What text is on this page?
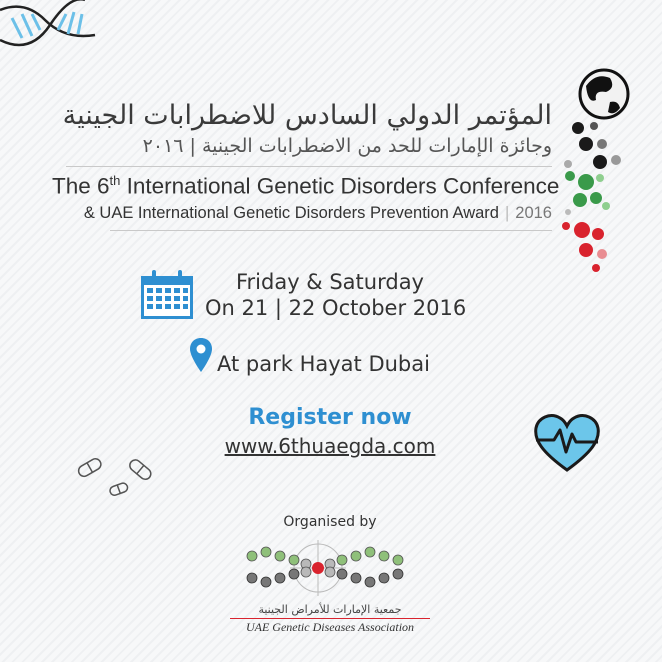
المؤتمر الدولي السادس للاضطرابات الجينية
وجائزة الإمارات للحد من الاضطرابات الجينية | ٢٠١٦
The 6th International Genetic Disorders Conference
& UAE International Genetic Disorders Prevention Award | 2016
Friday & Saturday
On 21 | 22 October 2016
At park Hayat Dubai
Register now
www.6thuaegda.com
Organised by
جمعية الإمارات للأمراض الجينية
UAE Genetic Diseases Association
